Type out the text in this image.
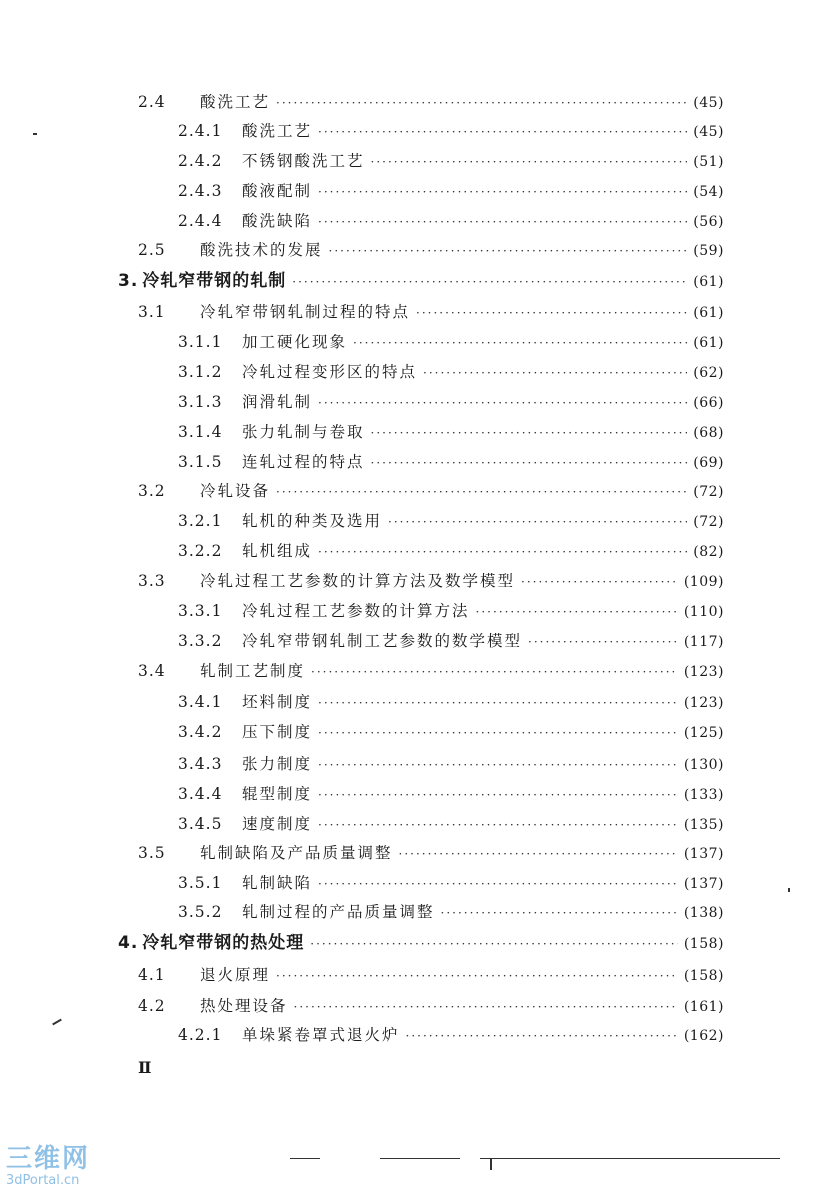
2.4	酸洗工艺 ·····	(45)
2.4.1	酸洗工艺 ·····	(45)
2.4.2	不锈钢酸洗工艺 ·····	(51)
2.4.3	酸液配制 ·····	(54)
2.4.4	酸洗缺陷 ·····	(56)
2.5	酸洗技术的发展 ·····	(59)
3. 冷轧窄带钢的轧制 ·····	(61)
3.1	冷轧窄带钢轧制过程的特点 ·····	(61)
3.1.1	加工硬化现象 ·····	(61)
3.1.2	冷轧过程变形区的特点 ·····	(62)
3.1.3	润滑轧制 ·····	(66)
3.1.4	张力轧制与卷取 ·····	(68)
3.1.5	连轧过程的特点 ·····	(69)
3.2	冷轧设备 ·····	(72)
3.2.1	轧机的种类及选用 ·····	(72)
3.2.2	轧机组成 ·····	(82)
3.3	冷轧过程工艺参数的计算方法及数学模型 ·····	(109)
3.3.1	冷轧过程工艺参数的计算方法 ·····	(110)
3.3.2	冷轧窄带钢轧制工艺参数的数学模型 ·····	(117)
3.4	轧制工艺制度 ·····	(123)
3.4.1	坯料制度 ·····	(123)
3.4.2	压下制度 ·····	(125)
3.4.3	张力制度 ·····	(130)
3.4.4	辊型制度 ·····	(133)
3.4.5	速度制度 ·····	(135)
3.5	轧制缺陷及产品质量调整 ·····	(137)
3.5.1	轧制缺陷 ·····	(137)
3.5.2	轧制过程的产品质量调整 ·····	(138)
4. 冷轧窄带钢的热处理 ·····	(158)
4.1	退火原理 ·····	(158)
4.2	热处理设备 ·····	(161)
4.2.1	单垛紧卷罩式退火炉 ·····	(162)
Ⅱ
三维网
3dPortal.cn
